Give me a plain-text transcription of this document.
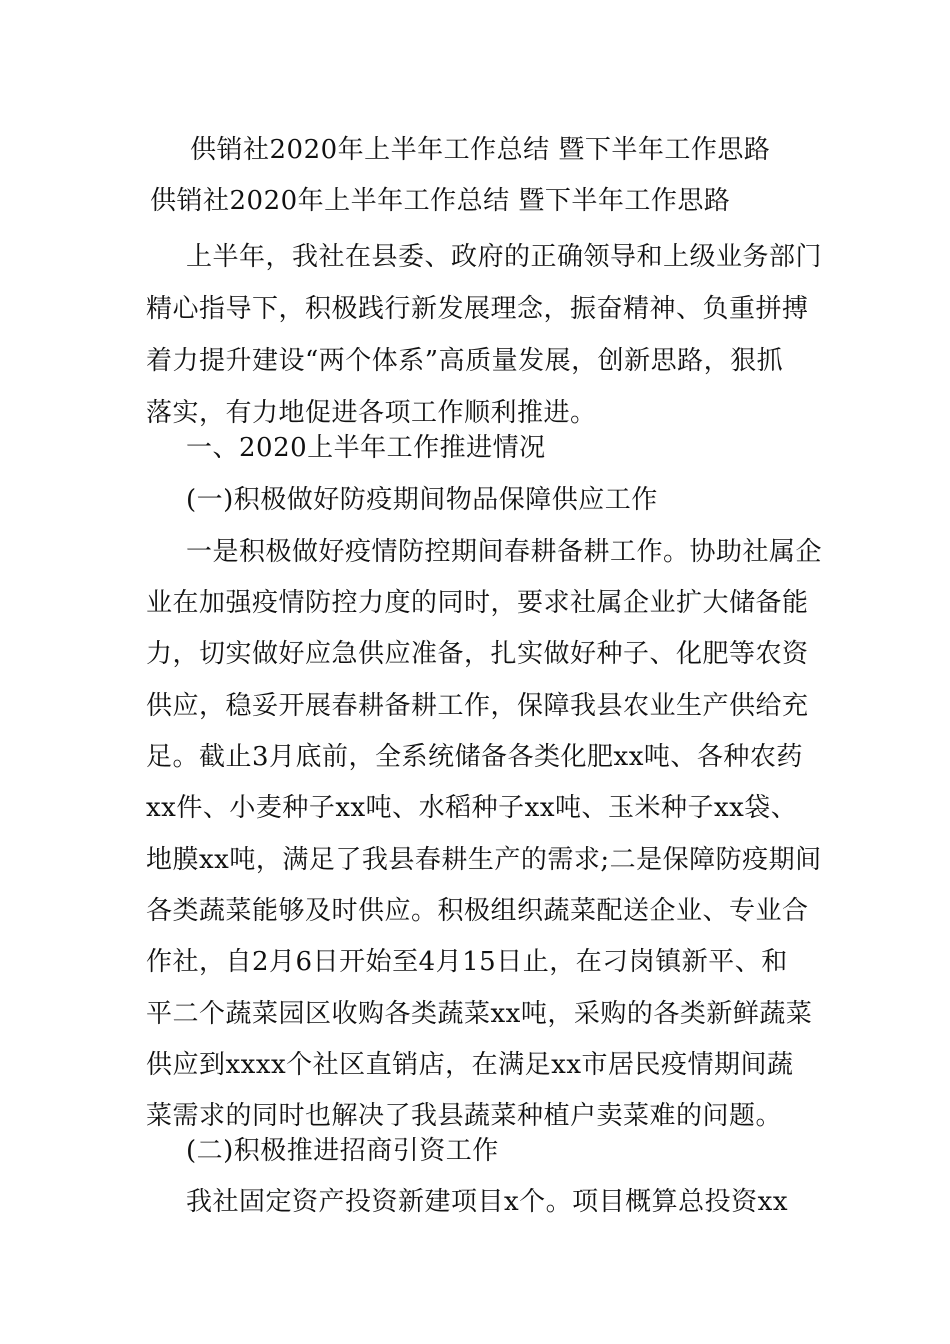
供销社2020年上半年工作总结 暨下半年工作思路
供销社2020年上半年工作总结 暨下半年工作思路
上半年，我社在县委、政府的正确领导和上级业务部门
精心指导下，积极践行新发展理念，振奋精神、负重拼搏
着力提升建设“两个体系”高质量发展，创新思路，狠抓
落实，有力地促进各项工作顺利推进。
一、2020上半年工作推进情况
(一)积极做好防疫期间物品保障供应工作
一是积极做好疫情防控期间春耕备耕工作。协助社属企
业在加强疫情防控力度的同时，要求社属企业扩大储备能
力，切实做好应急供应准备，扎实做好种子、化肥等农资
供应，稳妥开展春耕备耕工作，保障我县农业生产供给充
足。截止3月底前，全系统储备各类化肥xx吨、各种农药
xx件、小麦种子xx吨、水稻种子xx吨、玉米种子xx袋、
地膜xx吨，满足了我县春耕生产的需求;二是保障防疫期间
各类蔬菜能够及时供应。积极组织蔬菜配送企业、专业合
作社，自2月6日开始至4月15日止，在刁岗镇新平、和
平二个蔬菜园区收购各类蔬菜xx吨，采购的各类新鲜蔬菜
供应到xxxx个社区直销店，在满足xx市居民疫情期间蔬
菜需求的同时也解决了我县蔬菜种植户卖菜难的问题。
(二)积极推进招商引资工作
我社固定资产投资新建项目x个。项目概算总投资xx
